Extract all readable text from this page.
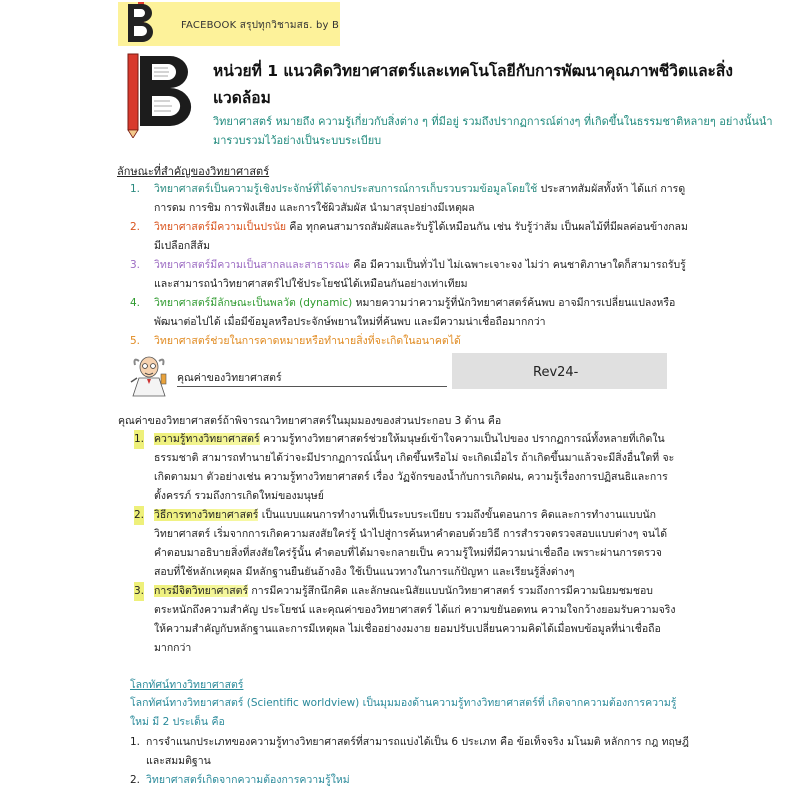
FACEBOOK สรุปทุกวิชามสธ. by B
หน่วยที่ 1 แนวคิดวิทยาศาสตร์และเทคโนโลยีกับการพัฒนาคุณภาพชีวิตและสิ่งแวดล้อม
วิทยาศาสตร์ หมายถึง ความรู้เกี่ยวกับสิ่งต่าง ๆ ที่มีอยู่ รวมถึงปรากฏการณ์ต่างๆ ที่เกิดขึ้นในธรรมชาติหลายๆ อย่างนั้นนำมารวบรวมไว้อย่างเป็นระบบระเบียบ
ลักษณะที่สำคัญของวิทยาศาสตร์
1. วิทยาศาสตร์เป็นความรู้เชิงประจักษ์ที่ได้จากประสบการณ์การเก็บรวบรวมข้อมูลโดยใช้ ประสาทสัมผัสทั้งห้า ได้แก่ การดู การดม การชิม การฟังเสียง และการใช้ผิวสัมผัส นำมาสรุปอย่างมีเหตุผล
2. วิทยาศาสตร์มีความเป็นปรนัย คือ ทุกคนสามารถสัมผัสและรับรู้ได้เหมือนกัน เช่น รับรู้ว่าส้ม เป็นผลไม้ที่มีผลค่อนข้างกลม มีเปลือกสีส้ม
3. วิทยาศาสตร์มีความเป็นสากลและสาธารณะ คือ มีความเป็นทั่วไป ไม่เฉพาะเจาะจง ไม่ว่า คนชาติภาษาใดก็สามารถรับรู้ และสามารถนำวิทยาศาสตร์ไปใช้ประโยชน์ได้เหมือนกันอย่างเท่าเทียม
4. วิทยาศาสตร์มีลักษณะเป็นพลวัต (dynamic) หมายความว่าความรู้ที่นักวิทยาศาสตร์ค้นพบ อาจมีการเปลี่ยนแปลงหรือพัฒนาต่อไปได้ เมื่อมีข้อมูลหรือประจักษ์พยานใหม่ที่ค้นพบ และมีความน่าเชื่อถือมากกว่า
5. วิทยาศาสตร์ช่วยในการคาดหมายหรือทำนายสิ่งที่จะเกิดในอนาคตได้
คุณค่าของวิทยาศาสตร์	Rev24-
คุณค่าของวิทยาศาสตร์ถ้าพิจารณาวิทยาศาสตร์ในมุมมองของส่วนประกอบ 3 ด้าน คือ
1. ความรู้ทางวิทยาศาสตร์ ความรู้ทางวิทยาศาสตร์ช่วยให้มนุษย์เข้าใจความเป็นไปของ ปรากฏการณ์ทั้งหลายที่เกิดในธรรมชาติ สามารถทำนายได้ว่าจะมีปรากฏการณ์นั้นๆ เกิดขึ้นหรือไม่ จะเกิดเมื่อไร ถ้าเกิดขึ้นมาแล้วจะมีสิ่งอื่นใดที่ จะเกิดตามมา ตัวอย่างเช่น ความรู้ทางวิทยาศาสตร์ เรื่อง วัฏจักรของน้ำกับการเกิดฝน, ความรู้เรื่องการปฏิสนธิและการตั้งครรภ์ รวมถึงการเกิดใหม่ของมนุษย์
2. วิธีการทางวิทยาศาสตร์ เป็นแบบแผนการทำงานที่เป็นระบบระเบียบ รวมถึงขั้นตอนการ คิดและการทำงานแบบนักวิทยาศาสตร์ เริ่มจากการเกิดความสงสัยใคร่รู้ นำไปสู่การค้นหาคำตอบด้วยวิธี การสำรวจตรวจสอบแบบต่างๆ จนได้คำตอบมาอธิบายสิ่งที่สงสัยใคร่รู้นั้น คำตอบที่ได้มาจะกลายเป็น ความรู้ใหม่ที่มีความน่าเชื่อถือ เพราะผ่านการตรวจสอบที่ใช้หลักเหตุผล มีหลักฐานยืนยันอ้างอิง ใช้เป็นแนวทางในการแก้ปัญหา และเรียนรู้สิ่งต่างๆ
3. การมีจิตวิทยาศาสตร์ การมีความรู้สึกนึกคิด และลักษณะนิสัยแบบนักวิทยาศาสตร์ รวมถึงการมีความนิยมชมชอบ ตระหนักถึงความสำคัญ ประโยชน์ และคุณค่าของวิทยาศาสตร์ ได้แก่ ความขยันอดทน ความใจกว้างยอมรับความจริง ให้ความสำคัญกับหลักฐานและการมีเหตุผล ไม่เชื่ออย่างงมงาย ยอมปรับเปลี่ยนความคิดได้เมื่อพบข้อมูลที่น่าเชื่อถือมากกว่า
โลกทัศน์ทางวิทยาศาสตร์
โลกทัศน์ทางวิทยาศาสตร์ (Scientific worldview) เป็นมุมมองด้านความรู้ทางวิทยาศาสตร์ที่ เกิดจากความต้องการความรู้ใหม่ มี 2 ประเด็น คือ
1. การจำแนกประเภทของความรู้ทางวิทยาศาสตร์ที่สามารถแบ่งได้เป็น 6 ประเภท คือ ข้อเท็จจริง มโนมติ หลักการ กฎ ทฤษฎี และสมมติฐาน
2. วิทยาศาสตร์เกิดจากความต้องการความรู้ใหม่
